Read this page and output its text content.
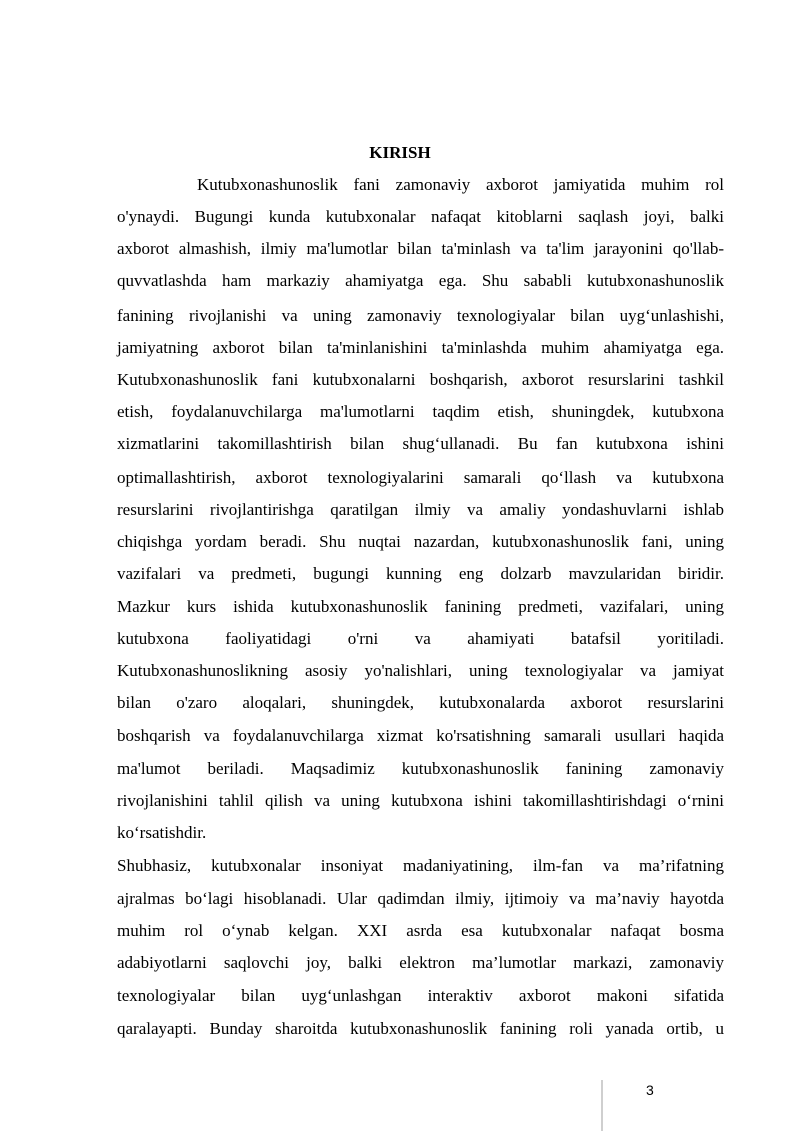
KIRISH
Kutubxonashunoslik fani zamonaviy axborot jamiyatida muhim rol
o'ynaydi. Bugungi kunda kutubxonalar nafaqat kitoblarni saqlash joyi, balki
axborot almashish, ilmiy ma'lumotlar bilan ta'minlash va ta'lim jarayonini qo'llab-
quvvatlashda ham markaziy ahamiyatga ega. Shu sababli kutubxonashunoslik
fanining rivojlanishi va uning zamonaviy texnologiyalar bilan uyg‘unlashishi,
jamiyatning axborot bilan ta'minlanishini ta'minlashda muhim ahamiyatga ega.
Kutubxonashunoslik fani kutubxonalarni boshqarish, axborot resurslarini tashkil
etish, foydalanuvchilarga ma'lumotlarni taqdim etish, shuningdek, kutubxona
xizmatlarini takomillashtirish bilan shug‘ullanadi. Bu fan kutubxona ishini
optimallashtirish, axborot texnologiyalarini samarali qo‘llash va kutubxona
resurslarini rivojlantirishga qaratilgan ilmiy va amaliy yondashuvlarni ishlab
chiqishga yordam beradi. Shu nuqtai nazardan, kutubxonashunoslik fani, uning
vazifalari va predmeti, bugungi kunning eng dolzarb mavzularidan biridir.
Mazkur kurs ishida kutubxonashunoslik fanining predmeti, vazifalari, uning
kutubxona faoliyatidagi o'rni va ahamiyati batafsil yoritiladi.
Kutubxonashunoslikning asosiy yo'nalishlari, uning texnologiyalar va jamiyat
bilan o'zaro aloqalari, shuningdek, kutubxonalarda axborot resurslarini
boshqarish va foydalanuvchilarga xizmat ko'rsatishning samarali usullari haqida
ma'lumot beriladi. Maqsadimiz kutubxonashunoslik fanining zamonaviy
rivojlanishini tahlil qilish va uning kutubxona ishini takomillashtirishdagi o‘rnini
ko‘rsatishdir.
Shubhasiz, kutubxonalar insoniyat madaniyatining, ilm-fan va ma’rifatning
ajralmas bo‘lagi hisoblanadi. Ular qadimdan ilmiy, ijtimoiy va ma’naviy hayotda
muhim rol o‘ynab kelgan. XXI asrda esa kutubxonalar nafaqat bosma
adabiyotlarni saqlovchi joy, balki elektron ma’lumotlar markazi, zamonaviy
texnologiyalar bilan uyg‘unlashgan interaktiv axborot makoni sifatida
qaralayapti. Bunday sharoitda kutubxonashunoslik fanining roli yanada ortib, u
3
